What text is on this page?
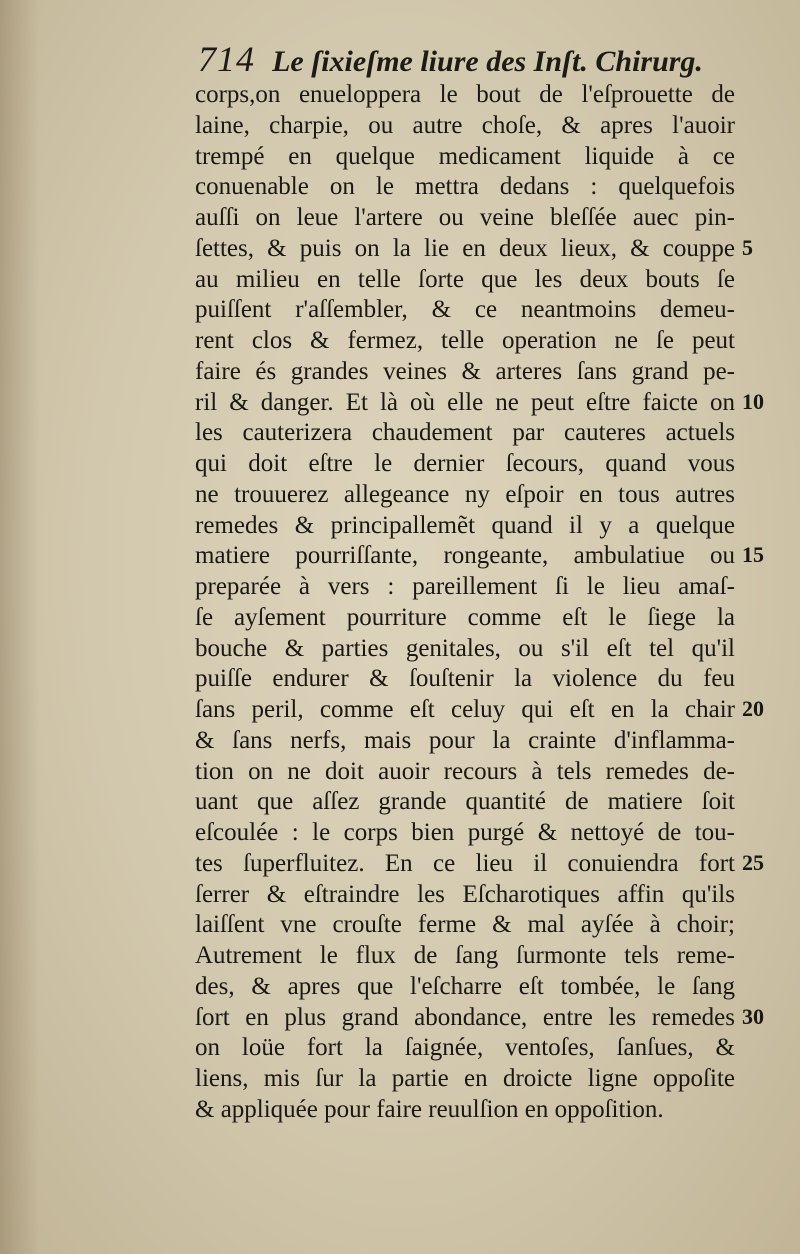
714 Le ſixieſme liure des Inſt. Chirurg.
corps,on enueloppera le bout de l'eſprouette de
laine, charpie, ou autre choſe, & apres l'auoir
trempé en quelque medicament liquide à ce
conuenable on le mettra dedans : quelquefois
auſſi on leue l'artere ou veine bleſſée auec pin-
ſettes, & puis on la lie en deux lieux, & couppe
au milieu en telle ſorte que les deux bouts ſe
puiſſent r'aſſembler, & ce neantmoins demeu-
rent clos & fermez, telle operation ne ſe peut
faire és grandes veines & arteres ſans grand pe-
ril & danger. Et là où elle ne peut eſtre faicte on
les cauterizera chaudement par cauteres actuels
qui doit eſtre le dernier ſecours, quand vous
ne trouuerez allegeance ny eſpoir en tous autres
remedes & principallemẽt quand il y a quelque
matiere pourriſſante, rongeante, ambulatiue ou
preparée à vers : pareillement ſi le lieu amaſ-
ſe ayſement pourriture comme eſt le ſiege la
bouche & parties genitales, ou s'il eſt tel qu'il
puiſſe endurer & ſouſtenir la violence du feu
ſans peril, comme eſt celuy qui eſt en la chair
& ſans nerfs, mais pour la crainte d'inflamma-
tion on ne doit auoir recours à tels remedes de-
uant que aſſez grande quantité de matiere ſoit
eſcoulée : le corps bien purgé & nettoyé de tou-
tes ſuperfluitez. En ce lieu il conuiendra fort
ſerrer & eſtraindre les Eſcharotiques affin qu'ils
laiſſent vne crouſte ferme & mal ayſée à choir;
Autrement le flux de ſang ſurmonte tels reme-
des, & apres que l'eſcharre eſt tombée, le ſang
ſort en plus grand abondance, entre les remedes
on loüe fort la ſaignée, ventoſes, ſanſues, &
liens, mis ſur la partie en droicte ligne oppoſite
& appliquée pour faire reuulſion en oppoſition.
5
10
15
20
25
30
